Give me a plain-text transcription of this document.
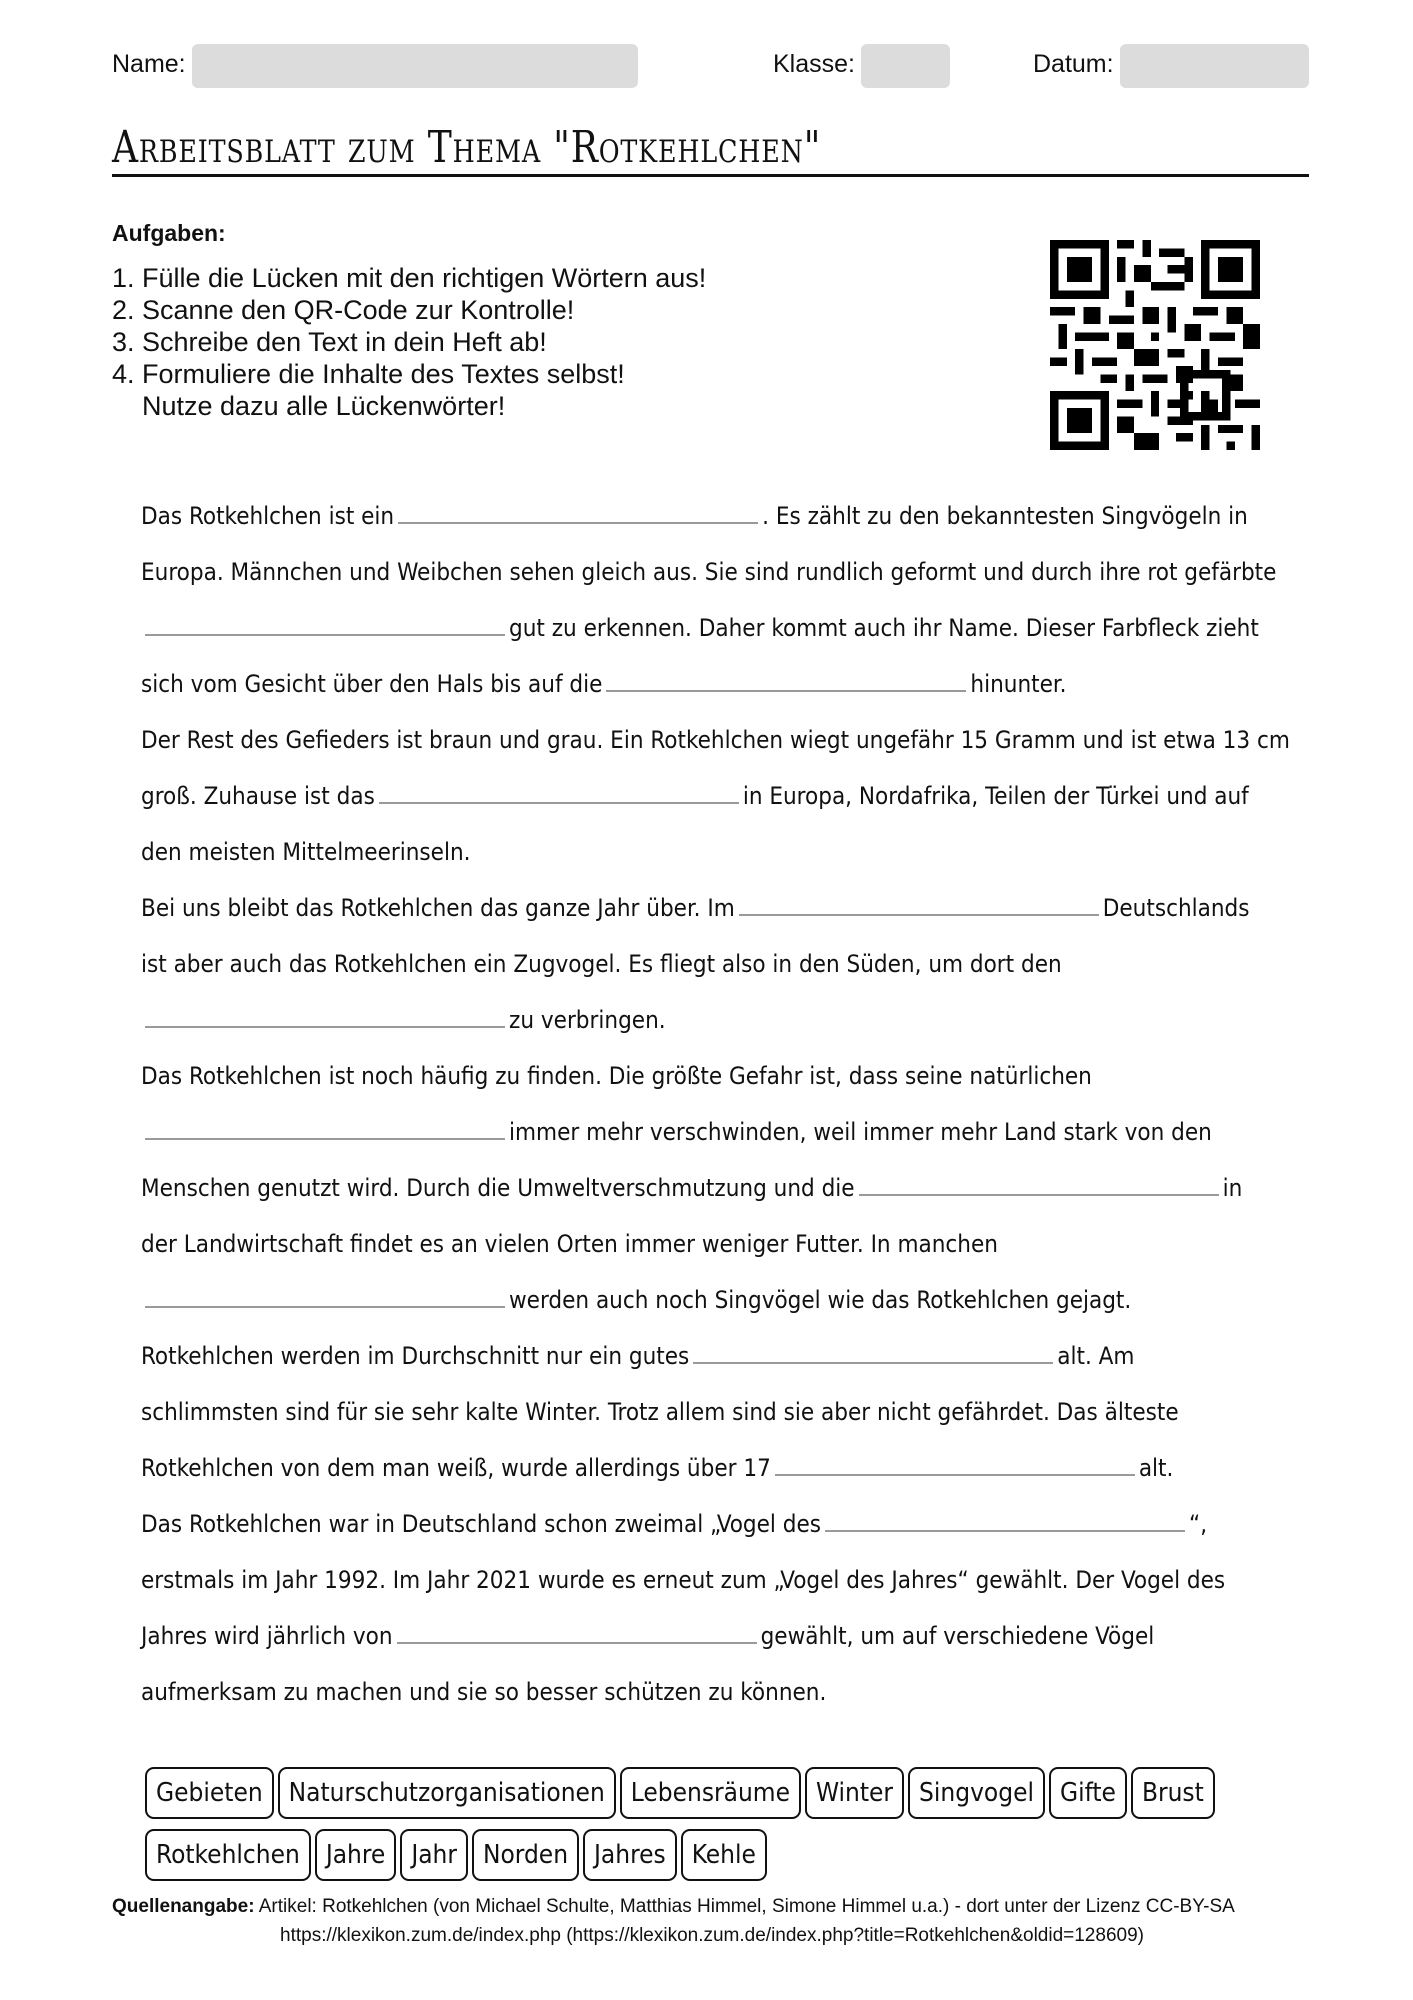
Name:	Klasse:	Datum:
Arbeitsblatt zum Thema "Rotkehlchen"
Aufgaben:
1. Fülle die Lücken mit den richtigen Wörtern aus!
2. Scanne den QR-Code zur Kontrolle!
3. Schreibe den Text in dein Heft ab!
4. Formuliere die Inhalte des Textes selbst!
Nutze dazu alle Lückenwörter!
Das Rotkehlchen ist ein	. Es zählt zu den bekanntesten Singvögeln in
Europa. Männchen und Weibchen sehen gleich aus. Sie sind rundlich geformt und durch ihre rot gefärbte
gut zu erkennen. Daher kommt auch ihr Name. Dieser Farbfleck zieht
sich vom Gesicht über den Hals bis auf die	hinunter.
Der Rest des Gefieders ist braun und grau. Ein Rotkehlchen wiegt ungefähr 15 Gramm und ist etwa 13 cm
groß. Zuhause ist das	in Europa, Nordafrika, Teilen der Türkei und auf
den meisten Mittelmeerinseln.
Bei uns bleibt das Rotkehlchen das ganze Jahr über. Im	Deutschlands
ist aber auch das Rotkehlchen ein Zugvogel. Es fliegt also in den Süden, um dort den
zu verbringen.
Das Rotkehlchen ist noch häufig zu finden. Die größte Gefahr ist, dass seine natürlichen
immer mehr verschwinden, weil immer mehr Land stark von den
Menschen genutzt wird. Durch die Umweltverschmutzung und die	in
der Landwirtschaft findet es an vielen Orten immer weniger Futter. In manchen
werden auch noch Singvögel wie das Rotkehlchen gejagt.
Rotkehlchen werden im Durchschnitt nur ein gutes	alt. Am
schlimmsten sind für sie sehr kalte Winter. Trotz allem sind sie aber nicht gefährdet. Das älteste
Rotkehlchen von dem man weiß, wurde allerdings über 17	alt.
Das Rotkehlchen war in Deutschland schon zweimal „Vogel des	“,
erstmals im Jahr 1992. Im Jahr 2021 wurde es erneut zum „Vogel des Jahres“ gewählt. Der Vogel des
Jahres wird jährlich von	gewählt, um auf verschiedene Vögel
aufmerksam zu machen und sie so besser schützen zu können.
Gebieten Naturschutzorganisationen Lebensräume Winter Singvogel Gifte BrustRotkehlchen Jahre Jahr Norden Jahres Kehle
Quellenangabe: Artikel: Rotkehlchen (von Michael Schulte, Matthias Himmel, Simone Himmel u.a.) - dort unter der Lizenz CC-BY-SA
https://klexikon.zum.de/index.php (https://klexikon.zum.de/index.php?title=Rotkehlchen&oldid=128609)
